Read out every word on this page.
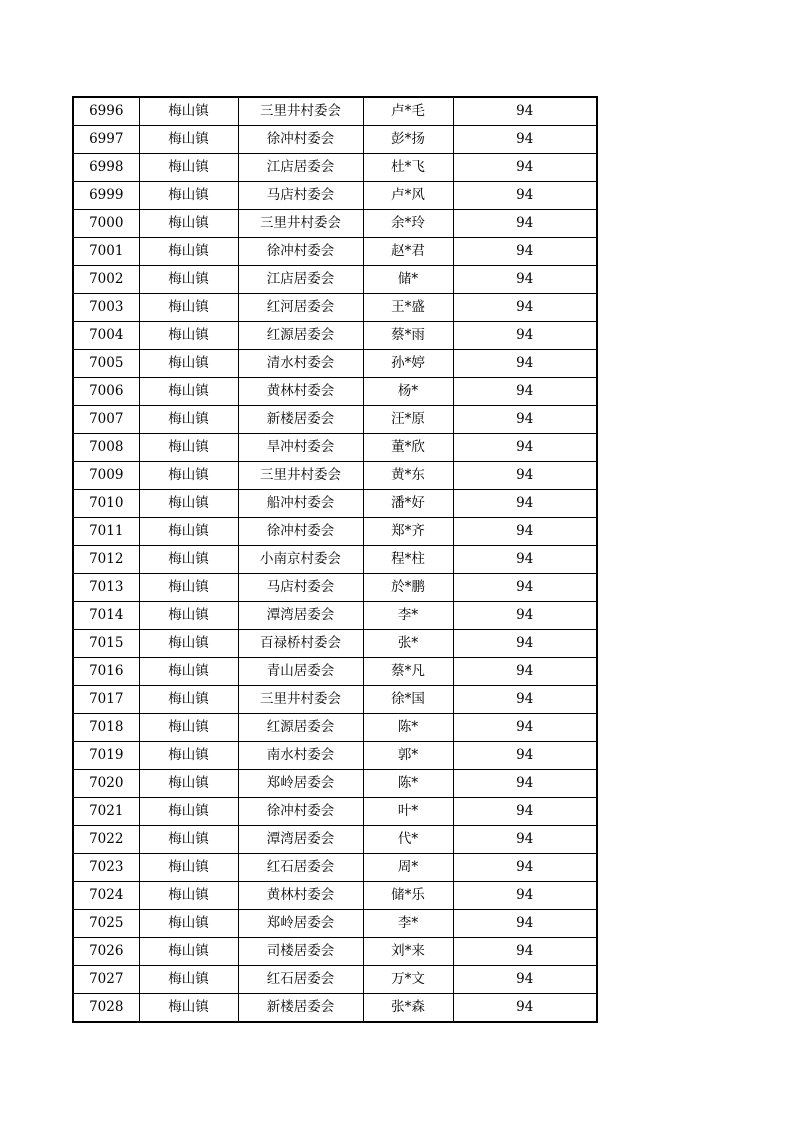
6996	梅山镇	三里井村委会	卢*毛	94
6997	梅山镇	徐冲村委会	彭*扬	94
6998	梅山镇	江店居委会	杜*飞	94
6999	梅山镇	马店村委会	卢*风	94
7000	梅山镇	三里井村委会	余*玲	94
7001	梅山镇	徐冲村委会	赵*君	94
7002	梅山镇	江店居委会	储*	94
7003	梅山镇	红河居委会	王*盛	94
7004	梅山镇	红源居委会	蔡*雨	94
7005	梅山镇	清水村委会	孙*婷	94
7006	梅山镇	黄林村委会	杨*	94
7007	梅山镇	新楼居委会	汪*原	94
7008	梅山镇	旱冲村委会	董*欣	94
7009	梅山镇	三里井村委会	黄*东	94
7010	梅山镇	船冲村委会	潘*好	94
7011	梅山镇	徐冲村委会	郑*齐	94
7012	梅山镇	小南京村委会	程*柱	94
7013	梅山镇	马店村委会	於*鹏	94
7014	梅山镇	潭湾居委会	李*	94
7015	梅山镇	百禄桥村委会	张*	94
7016	梅山镇	青山居委会	蔡*凡	94
7017	梅山镇	三里井村委会	徐*国	94
7018	梅山镇	红源居委会	陈*	94
7019	梅山镇	南水村委会	郭*	94
7020	梅山镇	郑岭居委会	陈*	94
7021	梅山镇	徐冲村委会	叶*	94
7022	梅山镇	潭湾居委会	代*	94
7023	梅山镇	红石居委会	周*	94
7024	梅山镇	黄林村委会	储*乐	94
7025	梅山镇	郑岭居委会	李*	94
7026	梅山镇	司楼居委会	刘*来	94
7027	梅山镇	红石居委会	万*文	94
7028	梅山镇	新楼居委会	张*森	94
